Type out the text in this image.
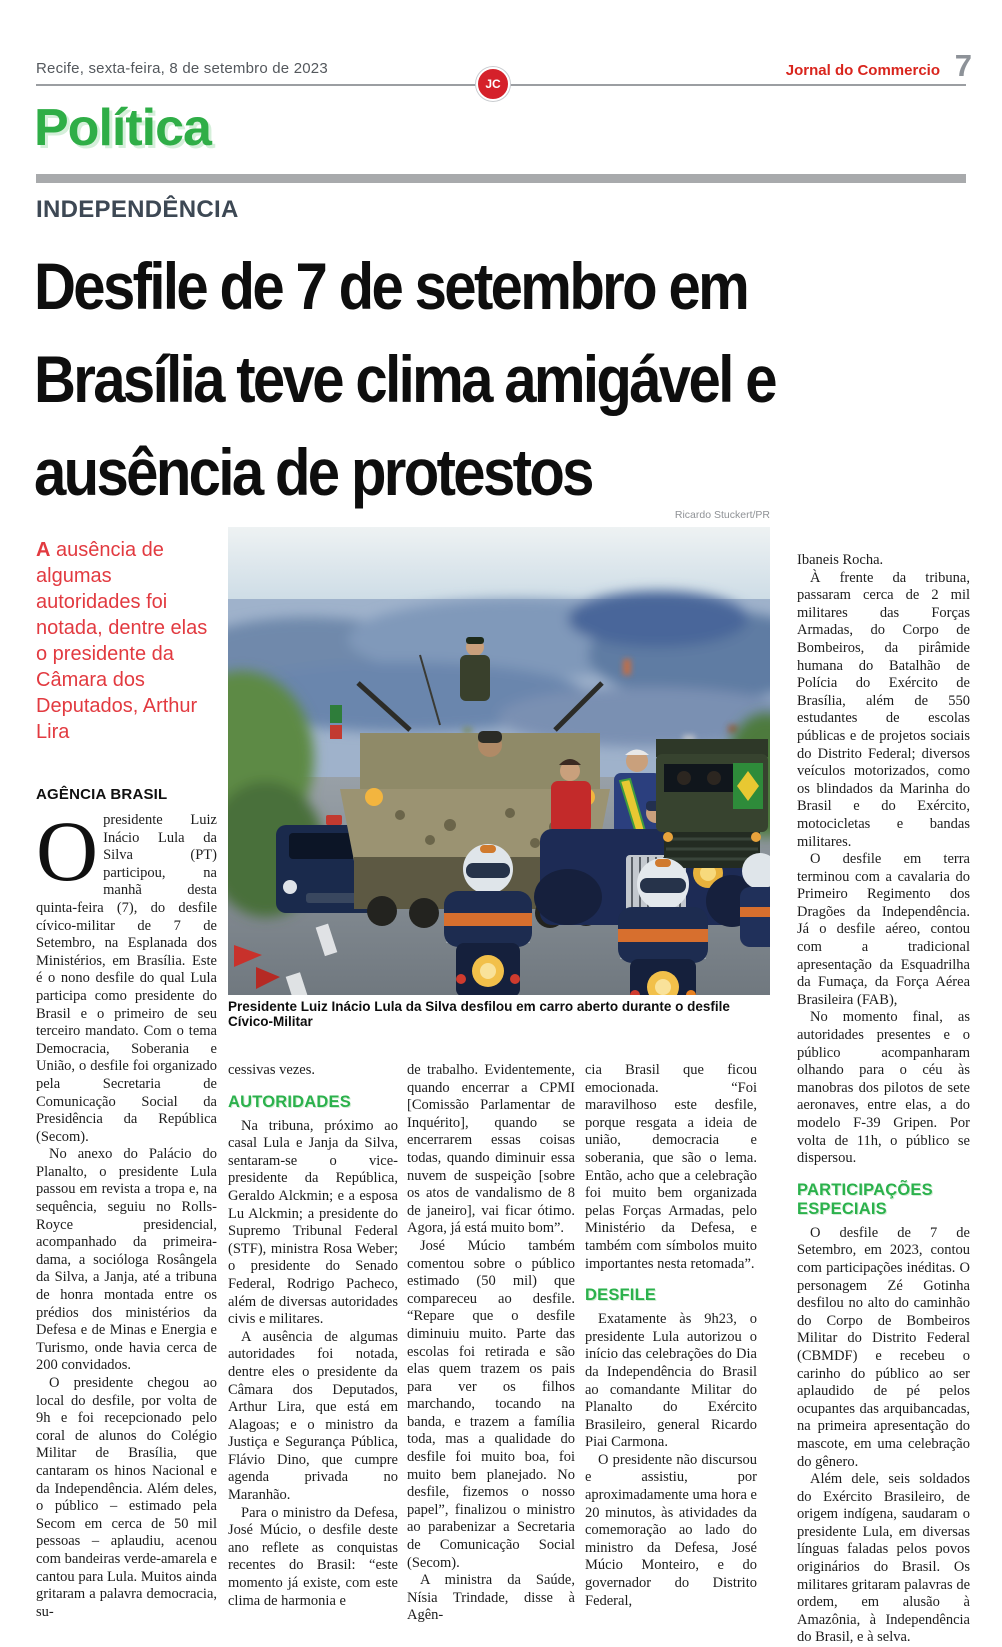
Recife, sexta-feira, 8 de setembro de 2023	Jornal do Commercio 7
JC
Política
INDEPENDÊNCIA
Desfile de 7 de setembro em
Brasília teve clima amigável e
ausência de protestos
A ausência de algumas autoridades foi notada, dentre elas o presidente da Câmara dos Deputados, Arthur Lira
AGÊNCIA BRASIL
Ricardo Stuckert/PR
Presidente Luiz Inácio Lula da Silva desfilou em carro aberto durante o desfile Cívico-Militar

Opresidente Luiz Inácio Lula da Silva (PT) participou, na manhã desta quinta-feira (7), do desfile cívico-militar de 7 de Setembro, na Esplanada dos Ministérios, em Brasília. Este é o nono desfile do qual Lula participa como presidente do Brasil e o primeiro de seu terceiro mandato. Com o tema Democracia, Soberania e União, o desfile foi organizado pela Secretaria de Comunicação Social da Presidência da República (Secom).

No anexo do Palácio do Planalto, o presidente Lula passou em revista a tropa e, na sequência, seguiu no Rolls-Royce presidencial, acompanhado da primeira-dama, a socióloga Rosângela da Silva, a Janja, até a tribuna de honra montada entre os prédios dos ministérios da Defesa e de Minas e Energia e Turismo, onde havia cerca de 200 convidados.

O presidente chegou ao local do desfile, por volta de 9h e foi recepcionado pelo coral de alunos do Colégio Militar de Brasília, que cantaram os hinos Nacional e da Independência. Além deles, o público – estimado pela Secom em cerca de 50 mil pessoas – aplaudiu, acenou com bandeiras verde-amarela e cantou para Lula. Muitos ainda gritaram a palavra democracia, su-

cessivas vezes.

AUTORIDADES

Na tribuna, próximo ao casal Lula e Janja da Silva, sentaram-se o vice-presidente da República, Geraldo Alckmin; e a esposa Lu Alckmin; a presidente do Supremo Tribunal Federal (STF), ministra Rosa Weber; o presidente do Senado Federal, Rodrigo Pacheco, além de diversas autoridades civis e militares.

A ausência de algumas autoridades foi notada, dentre eles o presidente da Câmara dos Deputados, Arthur Lira, que está em Alagoas; e o ministro da Justiça e Segurança Pública, Flávio Dino, que cumpre agenda privada no Maranhão.

Para o ministro da Defesa, José Múcio, o desfile deste ano reflete as conquistas recentes do Brasil: “este momento já existe, com este clima de harmonia e

de trabalho. Evidentemente, quando encerrar a CPMI [Comissão Parlamentar de Inquérito], quando se encerrarem essas coisas todas, quando diminuir essa nuvem de suspeição [sobre os atos de vandalismo de 8 de janeiro], vai ficar ótimo. Agora, já está muito bom”.

José Múcio também comentou sobre o público estimado (50 mil) que compareceu ao desfile. “Repare que o desfile diminuiu muito. Parte das escolas foi retirada e são elas quem trazem os pais para ver os filhos marchando, tocando na banda, e trazem a família toda, mas a qualidade do desfile foi muito boa, foi muito bem planejado. No desfile, fizemos o nosso papel”, finalizou o ministro ao parabenizar a Secretaria de Comunicação Social (Secom).

A ministra da Saúde, Nísia Trindade, disse à Agên-

cia Brasil que ficou emocionada. “Foi maravilhoso este desfile, porque resgata a ideia de união, democracia e soberania, que são o lema. Então, acho que a celebração foi muito bem organizada pelas Forças Armadas, pelo Ministério da Defesa, e também com símbolos muito importantes nesta retomada”.

DESFILE

Exatamente às 9h23, o presidente Lula autorizou o início das celebrações do Dia da Independência do Brasil ao comandante Militar do Planalto do Exército Brasileiro, general Ricardo Piai Carmona.

O presidente não discursou e assistiu, por aproximadamente uma hora e 20 minutos, às atividades da comemoração ao lado do ministro da Defesa, José Múcio Monteiro, e do governador do Distrito Federal,

Ibaneis Rocha.

À frente da tribuna, passaram cerca de 2 mil militares das Forças Armadas, do Corpo de Bombeiros, da pirâmide humana do Batalhão de Polícia do Exército de Brasília, além de 550 estudantes de escolas públicas e de projetos sociais do Distrito Federal; diversos veículos motorizados, como os blindados da Marinha do Brasil e do Exército, motocicletas e bandas militares.

O desfile em terra terminou com a cavalaria do Primeiro Regimento dos Dragões da Independência. Já o desfile aéreo, contou com a tradicional apresentação da Esquadrilha da Fumaça, da Força Aérea Brasileira (FAB),

No momento final, as autoridades presentes e o público acompanharam olhando para o céu às manobras dos pilotos de sete aeronaves, entre elas, a do modelo F-39 Gripen. Por volta de 11h, o público se dispersou.

PARTICIPAÇÕES ESPECIAIS

O desfile de 7 de Setembro, em 2023, contou com participações inéditas. O personagem Zé Gotinha desfilou no alto do caminhão do Corpo de Bombeiros Militar do Distrito Federal (CBMDF) e recebeu o carinho do público ao ser aplaudido de pé pelos ocupantes das arquibancadas, na primeira apresentação do mascote, em uma celebração do gênero.

Além dele, seis soldados do Exército Brasileiro, de origem indígena, saudaram o presidente Lula, em diversas línguas faladas pelos povos originários do Brasil. Os militares gritaram palavras de ordem, em alusão à Amazônia, à Independência do Brasil, e à selva.
